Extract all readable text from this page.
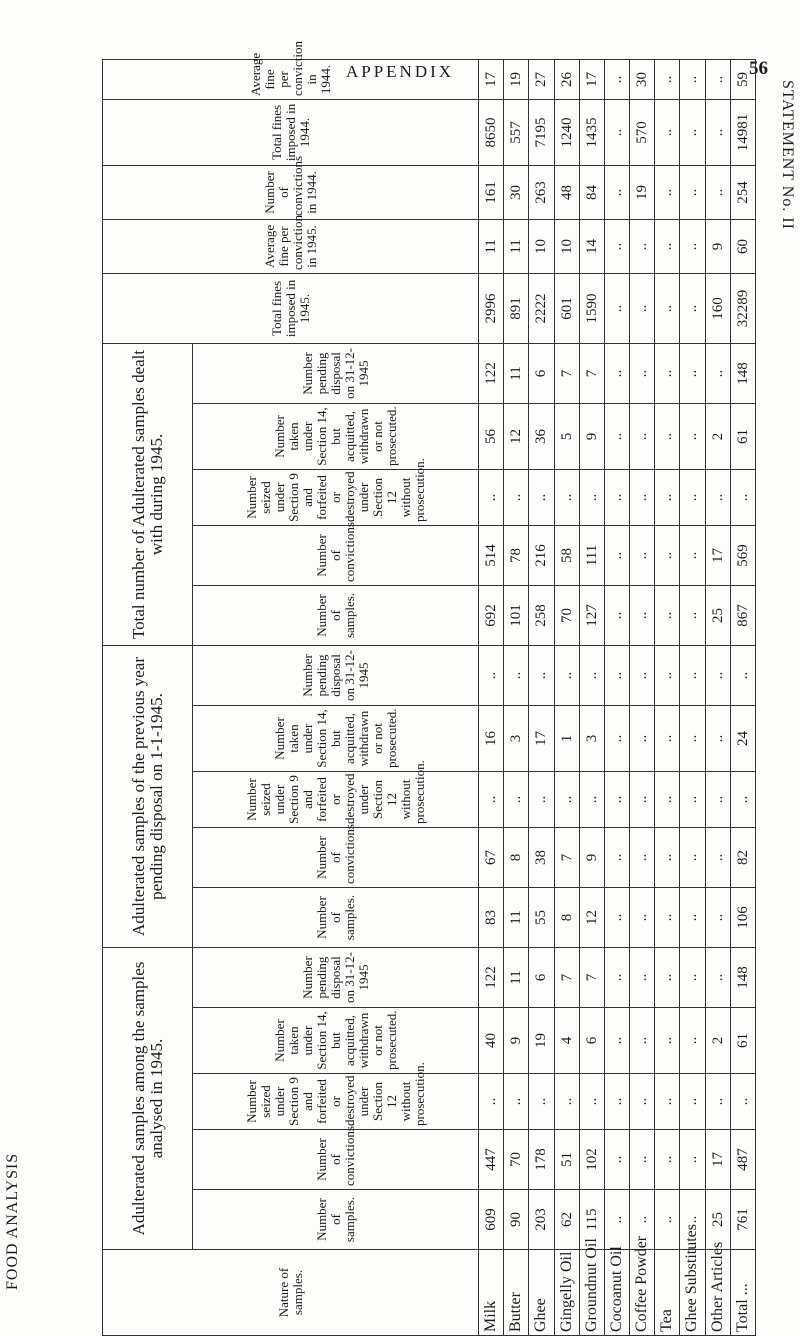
APPENDIX	56
FOOD ANALYSIS
STATEMENT No. II
Nature of samples.	Adulterated samples among the samples analysed in 1945.					Adulterated samples of the previous year pending disposal on 1-1-1945.					Total number of Adulterated samples dealt with during 1945.					Total fines imposed in 1945.	Average fine per conviction in 1945.	Number of convictions in 1944.	Total fines imposed in 1944.	Average fine per conviction in 1944.
	Number of samples.	Number of convictions.	Number seized under Section 9 and forfeited or destroyed under Section 12 without prosecution.	Number taken under Section 14, but acquitted, withdrawn or not prosecuted.	Number pending disposal on 31-12-1945	Number of samples.	Number of convictions.	Number seized under Section 9 and forfeited or destroyed under Section 12 without prosecution.	Number taken under Section 14, but acquitted, withdrawn or not prosecuted.	Number pending disposal on 31-12-1945	Number of samples.	Number of convictions.	Number seized under Section 9 and forfeited or destroyed under Section 12 without prosecution.	Number taken under Section 14, but acquitted, withdrawn or not prosecuted.	Number pending disposal on 31-12-1945					
Milk	609	447	..	40	122	83	67	..	16	..	692	514	..	56	122	2996	11	161	8650	17
Butter	90	70	..	9	11	11	8	..	3	..	101	78	..	12	11	891	11	30	557	19
Ghee	203	178	..	19	6	55	38	..	17	..	258	216	..	36	6	2222	10	263	7195	27
Gingelly Oil	62	51	..	4	7	8	7	..	1	..	70	58	..	5	7	601	10	48	1240	26
Groundnut Oil	115	102	..	6	7	12	9	..	3	..	127	111	..	9	7	1590	14	84	1435	17
Cocoanut Oil	..	..	..	..	..	..	..	..	..	..	..	..	..	..	..	..	..	..	..	..
Coffee Powder	..	..	..	..	..	..	..	..	..	..	..	..	..	..	..	..	..	19	570	30
Tea	..	..	..	..	..	..	..	..	..	..	..	..	..	..	..	..	..	..	..	..
Ghee Substitutes	..	..	..	..	..	..	..	..	..	..	..	..	..	..	..	..	..	..	..	..
Other Articles	25	17	..	2	..	..	..	..	..	..	25	17	..	2	..	160	9	..	..	..
Total ...	761	487	..	61	148	106	82	..	24	..	867	569	..	61	148	32289	60	254	14981	59
